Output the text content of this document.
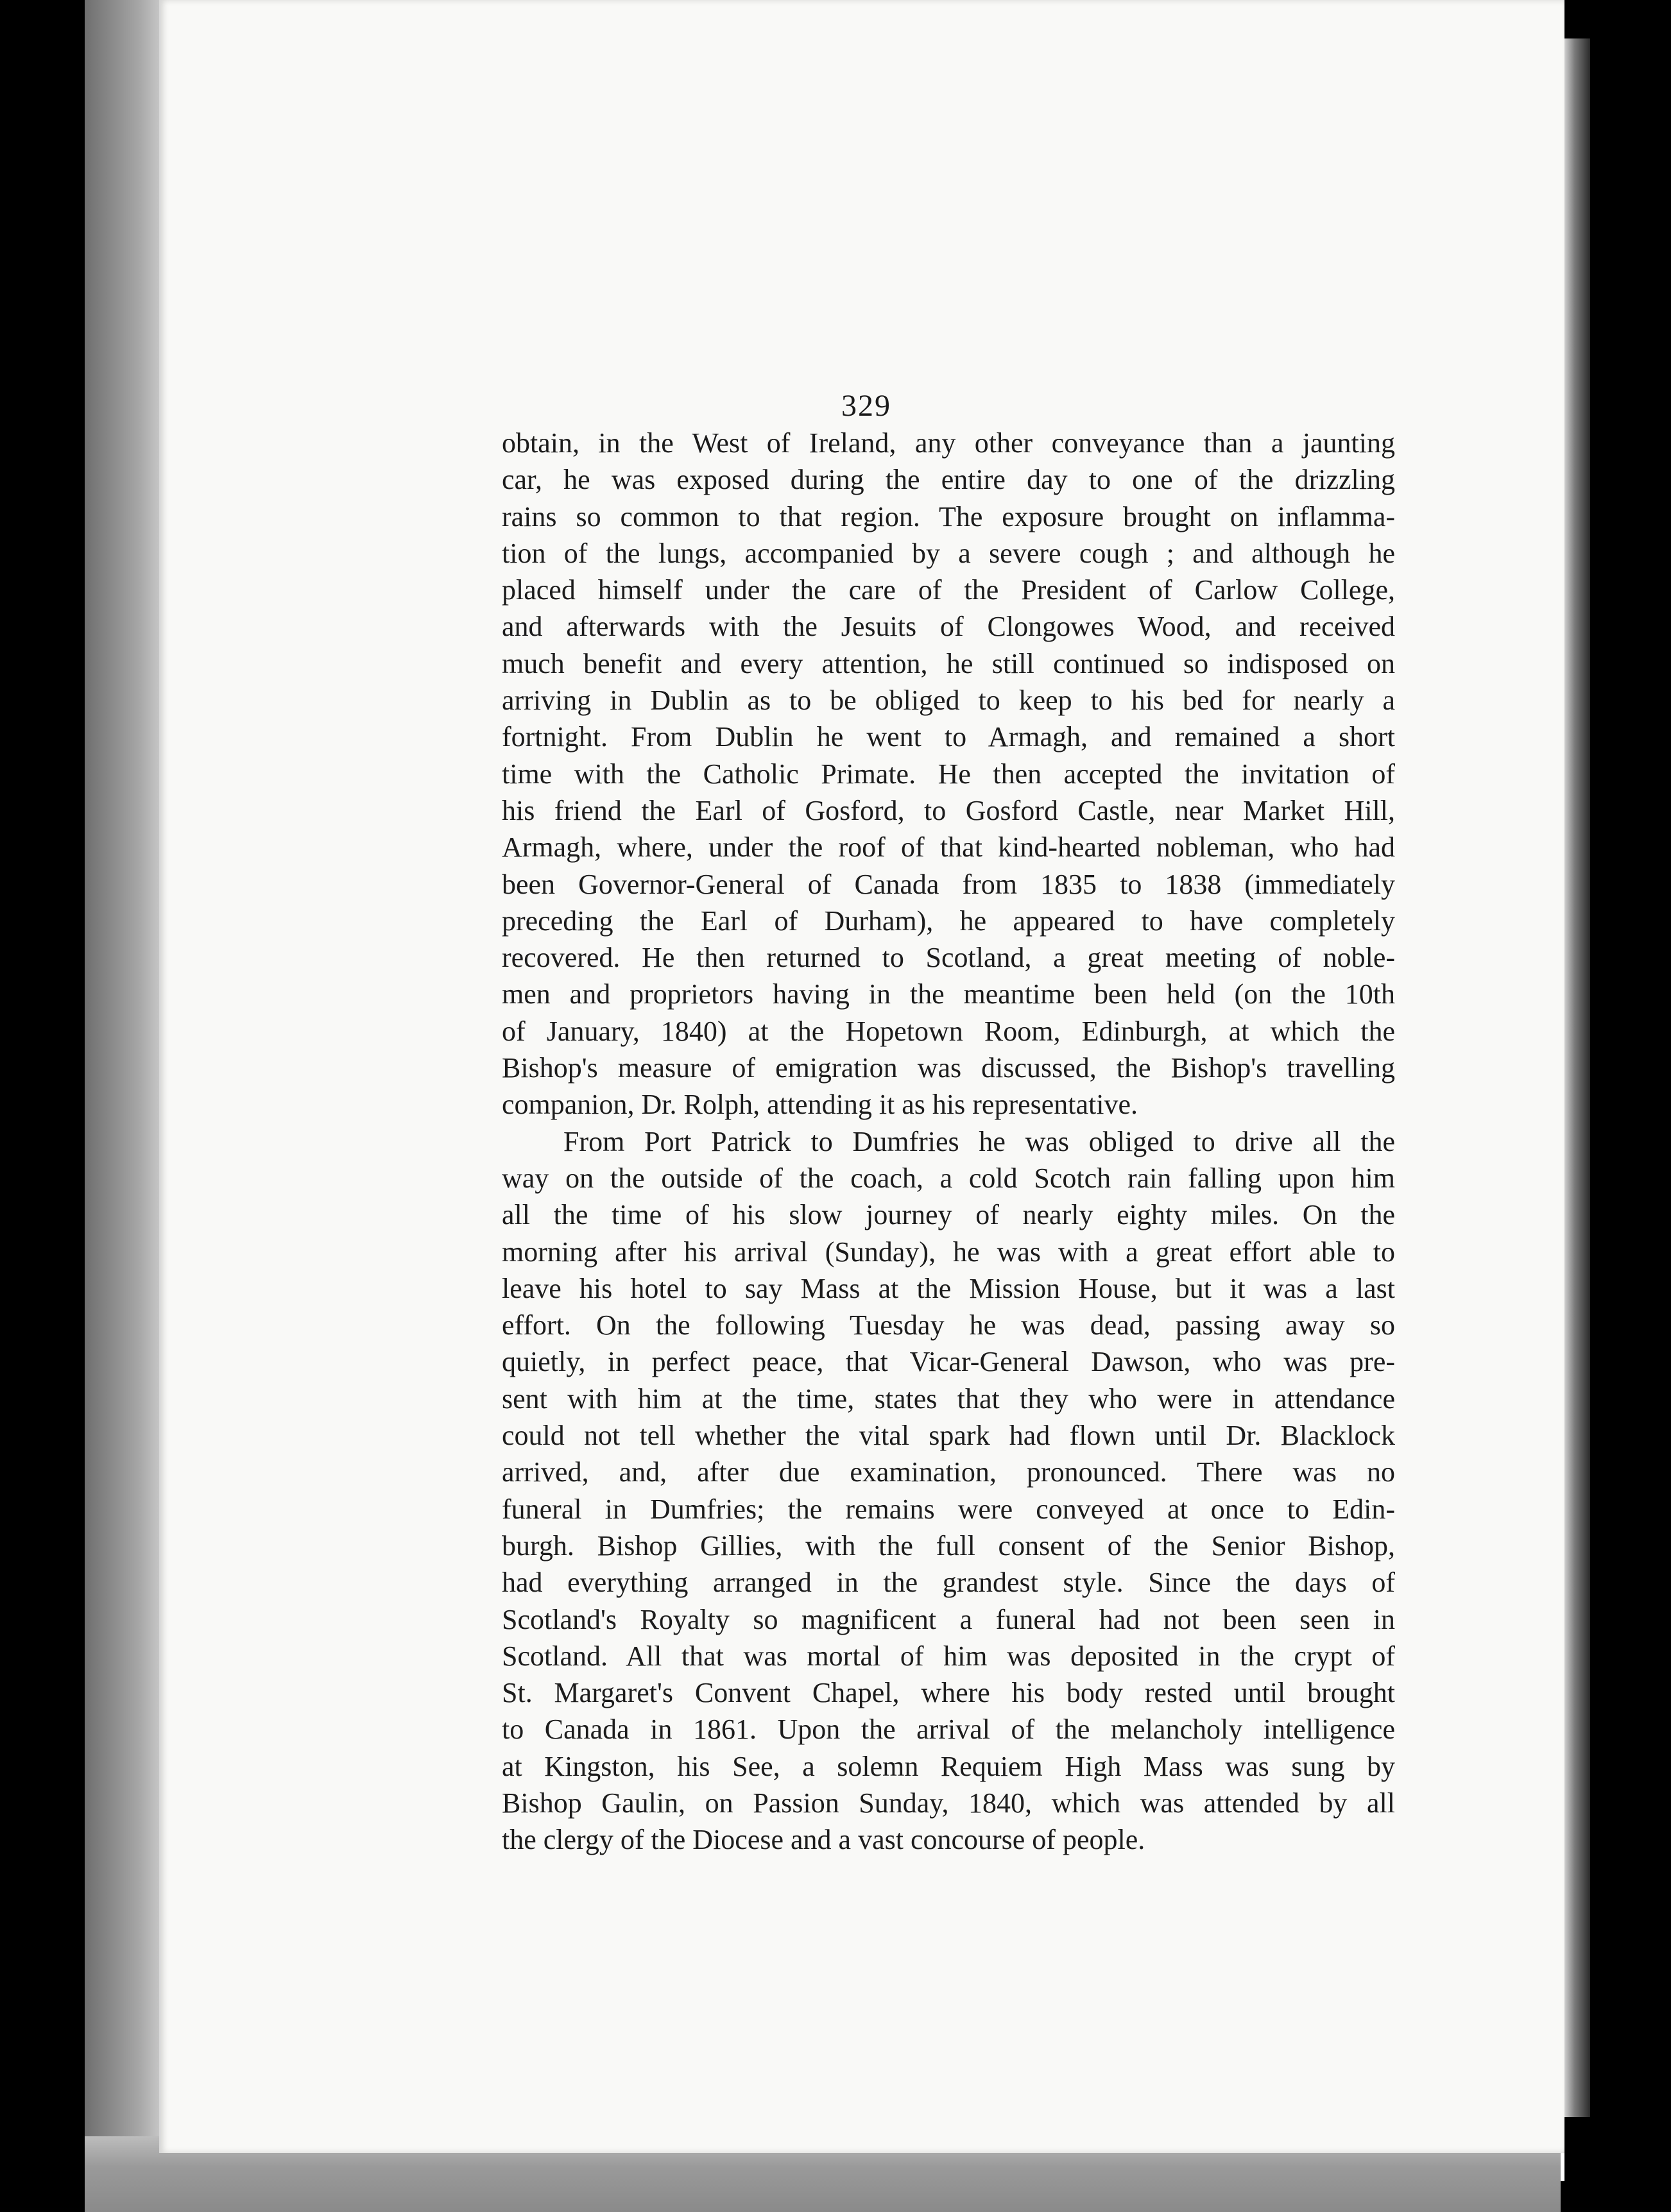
329
obtain, in the West of Ireland, any other conveyance than a jaunting
car, he was exposed during the entire day to one of the drizzling
rains so common to that region. The exposure brought on inflamma-
tion of the lungs, accompanied by a severe cough ; and although he
placed himself under the care of the President of Carlow College,
and afterwards with the Jesuits of Clongowes Wood, and received
much benefit and every attention, he still continued so indisposed on
arriving in Dublin as to be obliged to keep to his bed for nearly a
fortnight. From Dublin he went to Armagh, and remained a short
time with the Catholic Primate. He then accepted the invitation of
his friend the Earl of Gosford, to Gosford Castle, near Market Hill,
Armagh, where, under the roof of that kind-hearted nobleman, who had
been Governor-General of Canada from 1835 to 1838 (immediately
preceding the Earl of Durham), he appeared to have completely
recovered. He then returned to Scotland, a great meeting of noble-
men and proprietors having in the meantime been held (on the 10th
of January, 1840) at the Hopetown Room, Edinburgh, at which the
Bishop's measure of emigration was discussed, the Bishop's travelling
companion, Dr. Rolph, attending it as his representative.
From Port Patrick to Dumfries he was obliged to drive all the
way on the outside of the coach, a cold Scotch rain falling upon him
all the time of his slow journey of nearly eighty miles. On the
morning after his arrival (Sunday), he was with a great effort able to
leave his hotel to say Mass at the Mission House, but it was a last
effort. On the following Tuesday he was dead, passing away so
quietly, in perfect peace, that Vicar-General Dawson, who was pre-
sent with him at the time, states that they who were in attendance
could not tell whether the vital spark had flown until Dr. Blacklock
arrived, and, after due examination, pronounced. There was no
funeral in Dumfries; the remains were conveyed at once to Edin-
burgh. Bishop Gillies, with the full consent of the Senior Bishop,
had everything arranged in the grandest style. Since the days of
Scotland's Royalty so magnificent a funeral had not been seen in
Scotland. All that was mortal of him was deposited in the crypt of
St. Margaret's Convent Chapel, where his body rested until brought
to Canada in 1861. Upon the arrival of the melancholy intelligence
at Kingston, his See, a solemn Requiem High Mass was sung by
Bishop Gaulin, on Passion Sunday, 1840, which was attended by all
the clergy of the Diocese and a vast concourse of people.
